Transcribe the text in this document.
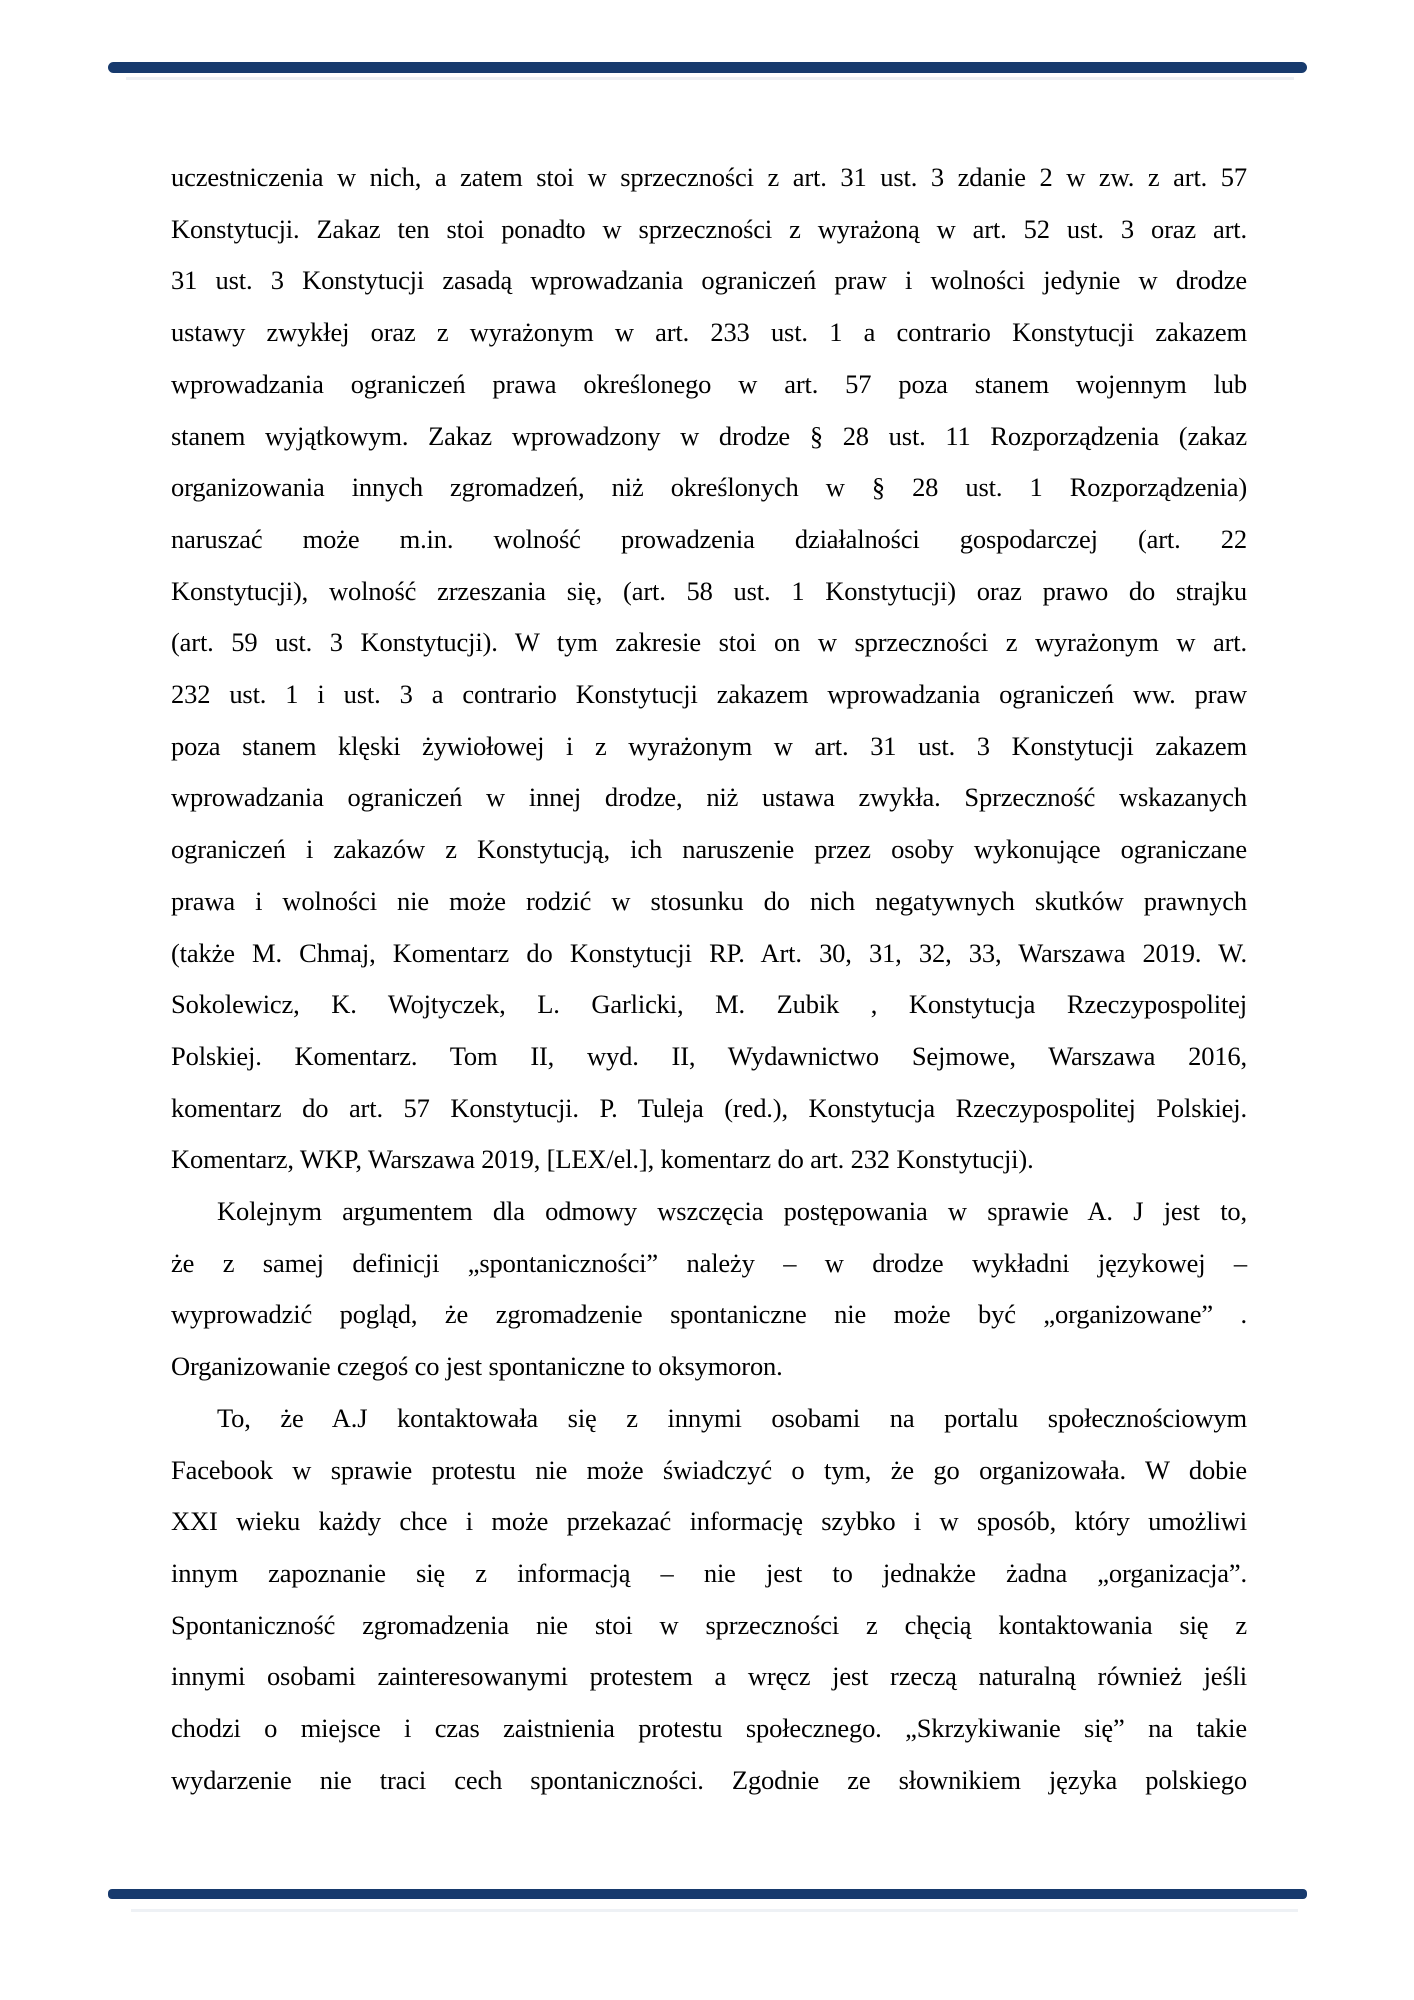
uczestniczenia w nich, a zatem stoi w sprzeczności z art. 31 ust. 3 zdanie 2 w zw. z art. 57
Konstytucji. Zakaz ten stoi ponadto w sprzeczności z wyrażoną w art. 52 ust. 3 oraz art.
31 ust. 3 Konstytucji zasadą wprowadzania ograniczeń praw i wolności jedynie w drodze
ustawy zwykłej oraz z wyrażonym w art. 233 ust. 1 a contrario Konstytucji zakazem
wprowadzania ograniczeń prawa określonego w art. 57 poza stanem wojennym lub
stanem wyjątkowym. Zakaz wprowadzony w drodze § 28 ust. 11 Rozporządzenia (zakaz
organizowania innych zgromadzeń, niż określonych w § 28 ust. 1 Rozporządzenia)
naruszać może m.in. wolność prowadzenia działalności gospodarczej (art. 22
Konstytucji), wolność zrzeszania się, (art. 58 ust. 1 Konstytucji) oraz prawo do strajku
(art. 59 ust. 3 Konstytucji). W tym zakresie stoi on w sprzeczności z wyrażonym w art.
232 ust. 1 i ust. 3 a contrario Konstytucji zakazem wprowadzania ograniczeń ww. praw
poza stanem klęski żywiołowej i z wyrażonym w art. 31 ust. 3 Konstytucji zakazem
wprowadzania ograniczeń w innej drodze, niż ustawa zwykła. Sprzeczność wskazanych
ograniczeń i zakazów z Konstytucją, ich naruszenie przez osoby wykonujące ograniczane
prawa i wolności nie może rodzić w stosunku do nich negatywnych skutków prawnych
(także M. Chmaj, Komentarz do Konstytucji RP. Art. 30, 31, 32, 33, Warszawa 2019. W.
Sokolewicz, K. Wojtyczek, L. Garlicki, M. Zubik , Konstytucja Rzeczypospolitej
Polskiej. Komentarz. Tom II, wyd. II, Wydawnictwo Sejmowe, Warszawa 2016,
komentarz do art. 57 Konstytucji. P. Tuleja (red.), Konstytucja Rzeczypospolitej Polskiej.
Komentarz, WKP, Warszawa 2019, [LEX/el.], komentarz do art. 232 Konstytucji).
Kolejnym argumentem dla odmowy wszczęcia postępowania w sprawie A. J jest to,
że z samej definicji „spontaniczności” należy – w drodze wykładni językowej –
wyprowadzić pogląd, że zgromadzenie spontaniczne nie może być „organizowane” .
Organizowanie czegoś co jest spontaniczne to oksymoron.
To, że A.J kontaktowała się z innymi osobami na portalu społecznościowym
Facebook w sprawie protestu nie może świadczyć o tym, że go organizowała. W dobie
XXI wieku każdy chce i może przekazać informację szybko i w sposób, który umożliwi
innym zapoznanie się z informacją – nie jest to jednakże żadna „organizacja”.
Spontaniczność zgromadzenia nie stoi w sprzeczności z chęcią kontaktowania się z
innymi osobami zainteresowanymi protestem a wręcz jest rzeczą naturalną również jeśli
chodzi o miejsce i czas zaistnienia protestu społecznego. „Skrzykiwanie się” na takie
wydarzenie nie traci cech spontaniczności. Zgodnie ze słownikiem języka polskiego
